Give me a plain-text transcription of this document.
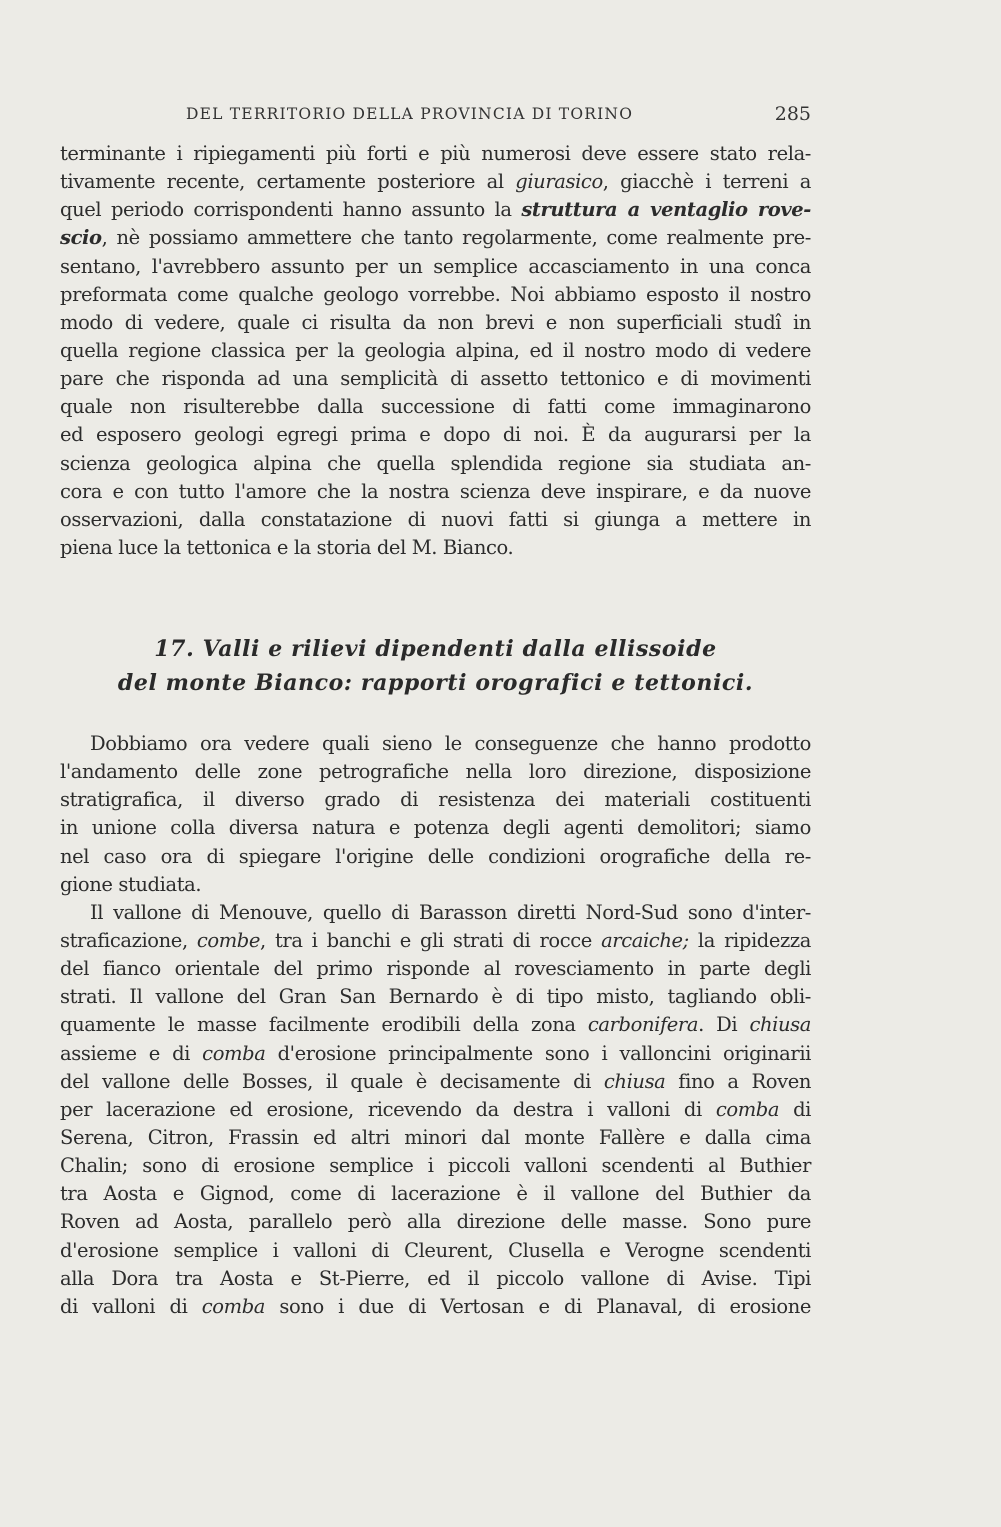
DEL TERRITORIO DELLA PROVINCIA DI TORINO	285
terminante i ripiegamenti più forti e più numerosi deve essere stato rela-
tivamente recente, certamente posteriore al giurasico, giacchè i terreni a
quel periodo corrispondenti hanno assunto la struttura a ventaglio rove-
scio, nè possiamo ammettere che tanto regolarmente, come realmente pre-
sentano, l'avrebbero assunto per un semplice accasciamento in una conca
preformata come qualche geologo vorrebbe. Noi abbiamo esposto il nostro
modo di vedere, quale ci risulta da non brevi e non superficiali studî in
quella regione classica per la geologia alpina, ed il nostro modo di vedere
pare che risponda ad una semplicità di assetto tettonico e di movimenti
quale non risulterebbe dalla successione di fatti come immaginarono
ed esposero geologi egregi prima e dopo di noi. È da augurarsi per la
scienza geologica alpina che quella splendida regione sia studiata an-
cora e con tutto l'amore che la nostra scienza deve inspirare, e da nuove
osservazioni, dalla constatazione di nuovi fatti si giunga a mettere in
piena luce la tettonica e la storia del M. Bianco.
17. Valli e rilievi dipendenti dalla ellissoide
del monte Bianco: rapporti orografici e tettonici.
Dobbiamo ora vedere quali sieno le conseguenze che hanno prodotto
l'andamento delle zone petrografiche nella loro direzione, disposizione
stratigrafica, il diverso grado di resistenza dei materiali costituenti
in unione colla diversa natura e potenza degli agenti demolitori; siamo
nel caso ora di spiegare l'origine delle condizioni orografiche della re-
gione studiata.
Il vallone di Menouve, quello di Barasson diretti Nord-Sud sono d'inter-
straficazione, combe, tra i banchi e gli strati di rocce arcaiche; la ripidezza
del fianco orientale del primo risponde al rovesciamento in parte degli
strati. Il vallone del Gran San Bernardo è di tipo misto, tagliando obli-
quamente le masse facilmente erodibili della zona carbonifera. Di chiusa
assieme e di comba d'erosione principalmente sono i valloncini originarii
del vallone delle Bosses, il quale è decisamente di chiusa fino a Roven
per lacerazione ed erosione, ricevendo da destra i valloni di comba di
Serena, Citron, Frassin ed altri minori dal monte Fallère e dalla cima
Chalin; sono di erosione semplice i piccoli valloni scendenti al Buthier
tra Aosta e Gignod, come di lacerazione è il vallone del Buthier da
Roven ad Aosta, parallelo però alla direzione delle masse. Sono pure
d'erosione semplice i valloni di Cleurent, Clusella e Verogne scendenti
alla Dora tra Aosta e St-Pierre, ed il piccolo vallone di Avise. Tipi
di valloni di comba sono i due di Vertosan e di Planaval, di erosione
